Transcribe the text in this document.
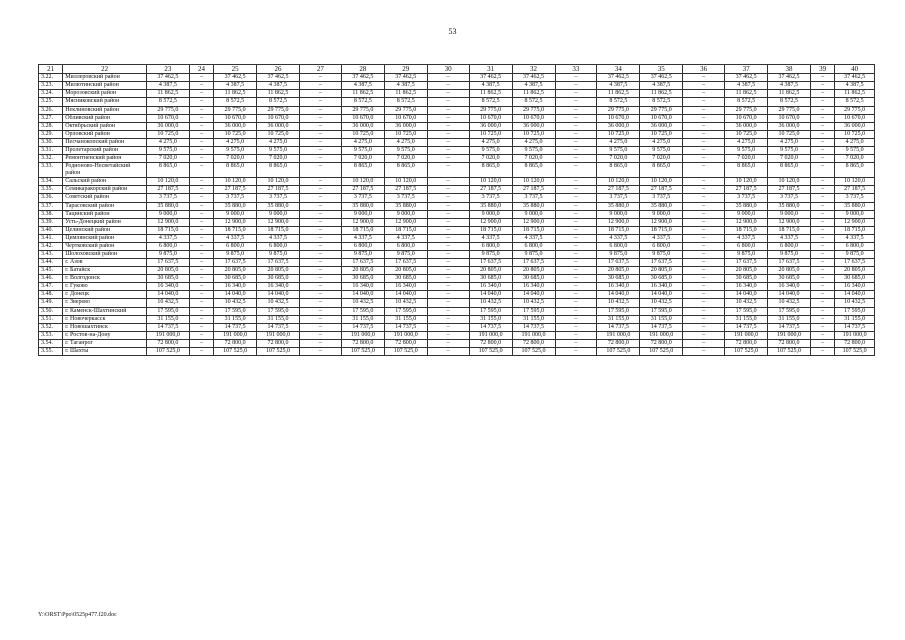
53
21	22	23	24	25	26	27	28	29	30	31	32	33	34	35	36	37	38	39	40
3.22.	Миллеровский район	37 462,5	–	37 462,5	37 462,5	–	37 462,5	37 462,5	–	37 462,5	37 462,5	–	37 462,5	37 462,5	–	37 462,5	37 462,5	–	37 462,5
3.23.	Милютинский район	4 387,5	–	4 387,5	4 387,5	–	4 387,5	4 387,5	–	4 387,5	4 387,5	–	4 387,5	4 387,5	–	4 387,5	4 387,5	–	4 387,5
3.24.	Морозовский район	11 862,5	–	11 862,5	11 862,5	–	11 862,5	11 862,5	–	11 862,5	11 862,5	–	11 862,5	11 862,5	–	11 862,5	11 862,5	–	11 862,5
3.25.	Мясниковский район	8 572,5	–	8 572,5	8 572,5	–	8 572,5	8 572,5	–	8 572,5	8 572,5	–	8 572,5	8 572,5	–	8 572,5	8 572,5	–	8 572,5
3.26.	Неклиновский район	29 775,0	–	29 775,0	29 775,0	–	29 775,0	29 775,0	–	29 775,0	29 775,0	–	29 775,0	29 775,0	–	29 775,0	29 775,0	–	29 775,0
3.27.	Обливский район	10 670,0	–	10 670,0	10 670,0	–	10 670,0	10 670,0	–	10 670,0	10 670,0	–	10 670,0	10 670,0	–	10 670,0	10 670,0	–	10 670,0
3.28.	Октябрьский район	36 000,0	–	36 000,0	36 000,0	–	36 000,0	36 000,0	–	36 000,0	36 000,0	–	36 000,0	36 000,0	–	36 000,0	36 000,0	–	36 000,0
3.29.	Орловский район	10 725,0	–	10 725,0	10 725,0	–	10 725,0	10 725,0	–	10 725,0	10 725,0	–	10 725,0	10 725,0	–	10 725,0	10 725,0	–	10 725,0
3.30.	Песчанокопский район	4 275,0	–	4 275,0	4 275,0	–	4 275,0	4 275,0	–	4 275,0	4 275,0	–	4 275,0	4 275,0	–	4 275,0	4 275,0	–	4 275,0
3.31.	Пролетарский район	9 575,0	–	9 575,0	9 575,0	–	9 575,0	9 575,0	–	9 575,0	9 575,0	–	9 575,0	9 575,0	–	9 575,0	9 575,0	–	9 575,0
3.32.	Ремонтненский район	7 020,0	–	7 020,0	7 020,0	–	7 020,0	7 020,0	–	7 020,0	7 020,0	–	7 020,0	7 020,0	–	7 020,0	7 020,0	–	7 020,0
3.33.	Родионово-Несветайский район	8 865,0	–	8 865,0	8 865,0	–	8 865,0	8 865,0	–	8 865,0	8 865,0	–	8 865,0	8 865,0	–	8 865,0	8 865,0	–	8 865,0
3.34.	Сальский район	10 120,0	–	10 120,0	10 120,0	–	10 120,0	10 120,0	–	10 120,0	10 120,0	–	10 120,0	10 120,0	–	10 120,0	10 120,0	–	10 120,0
3.35.	Семикаракорский район	27 187,5	–	27 187,5	27 187,5	–	27 187,5	27 187,5	–	27 187,5	27 187,5	–	27 187,5	27 187,5	–	27 187,5	27 187,5	–	27 187,5
3.36.	Советский район	3 737,5	–	3 737,5	3 737,5	–	3 737,5	3 737,5	–	3 737,5	3 737,5	–	3 737,5	3 737,5	–	3 737,5	3 737,5	–	3 737,5
3.37.	Тарасовский район	35 880,0	–	35 880,0	35 880,0	–	35 880,0	35 880,0	–	35 880,0	35 880,0	–	35 880,0	35 880,0	–	35 880,0	35 880,0	–	35 880,0
3.38.	Тацинский район	9 000,0	–	9 000,0	9 000,0	–	9 000,0	9 000,0	–	9 000,0	9 000,0	–	9 000,0	9 000,0	–	9 000,0	9 000,0	–	9 000,0
3.39.	Усть-Донецкий район	12 900,0	–	12 900,0	12 900,0	–	12 900,0	12 900,0	–	12 900,0	12 900,0	–	12 900,0	12 900,0	–	12 900,0	12 900,0	–	12 900,0
3.40.	Целинский район	18 715,0	–	18 715,0	18 715,0	–	18 715,0	18 715,0	–	18 715,0	18 715,0	–	18 715,0	18 715,0	–	18 715,0	18 715,0	–	18 715,0
3.41.	Цимлянский район	4 337,5	–	4 337,5	4 337,5	–	4 337,5	4 337,5	–	4 337,5	4 337,5	–	4 337,5	4 337,5	–	4 337,5	4 337,5	–	4 337,5
3.42.	Чертковский район	6 800,0	–	6 800,0	6 800,0	–	6 800,0	6 800,0	–	6 800,0	6 800,0	–	6 800,0	6 800,0	–	6 800,0	6 800,0	–	6 800,0
3.43.	Шолоховский район	9 875,0	–	9 875,0	9 875,0	–	9 875,0	9 875,0	–	9 875,0	9 875,0	–	9 875,0	9 875,0	–	9 875,0	9 875,0	–	9 875,0
3.44.	г. Азов	17 637,5	–	17 637,5	17 637,5	–	17 637,5	17 637,5	–	17 637,5	17 637,5	–	17 637,5	17 637,5	–	17 637,5	17 637,5	–	17 637,5
3.45.	г. Батайск	20 805,0	–	20 805,0	20 805,0	–	20 805,0	20 805,0	–	20 805,0	20 805,0	–	20 805,0	20 805,0	–	20 805,0	20 805,0	–	20 805,0
3.46.	г. Волгодонск	30 685,0	–	30 685,0	30 685,0	–	30 685,0	30 685,0	–	30 685,0	30 685,0	–	30 685,0	30 685,0	–	30 685,0	30 685,0	–	30 685,0
3.47.	г. Гуково	16 340,0	–	16 340,0	16 340,0	–	16 340,0	16 340,0	–	16 340,0	16 340,0	–	16 340,0	16 340,0	–	16 340,0	16 340,0	–	16 340,0
3.48.	г. Донецк	14 040,0	–	14 040,0	14 040,0	–	14 040,0	14 040,0	–	14 040,0	14 040,0	–	14 040,0	14 040,0	–	14 040,0	14 040,0	–	14 040,0
3.49.	г. Зверево	10 432,5	–	10 432,5	10 432,5	–	10 432,5	10 432,5	–	10 432,5	10 432,5	–	10 432,5	10 432,5	–	10 432,5	10 432,5	–	10 432,5
3.50.	г. Каменск-Шахтинский	17 595,0	–	17 595,0	17 595,0	–	17 595,0	17 595,0	–	17 595,0	17 595,0	–	17 595,0	17 595,0	–	17 595,0	17 595,0	–	17 595,0
3.51.	г. Новочеркасск	31 155,0	–	31 155,0	31 155,0	–	31 155,0	31 155,0	–	31 155,0	31 155,0	–	31 155,0	31 155,0	–	31 155,0	31 155,0	–	31 155,0
3.52.	г. Новошахтинск	14 737,5	–	14 737,5	14 737,5	–	14 737,5	14 737,5	–	14 737,5	14 737,5	–	14 737,5	14 737,5	–	14 737,5	14 737,5	–	14 737,5
3.53.	г. Ростов-на-Дону	191 000,0	–	191 000,0	191 000,0	–	191 000,0	191 000,0	–	191 000,0	191 000,0	–	191 000,0	191 000,0	–	191 000,0	191 000,0	–	191 000,0
3.54.	г. Таганрог	72 800,0	–	72 800,0	72 800,0	–	72 800,0	72 800,0	–	72 800,0	72 800,0	–	72 800,0	72 800,0	–	72 800,0	72 800,0	–	72 800,0
3.55.	г. Шахты	107 525,0	–	107 525,0	107 525,0	–	107 525,0	107 525,0	–	107 525,0	107 525,0	–	107 525,0	107 525,0	–	107 525,0	107 525,0	–	107 525,0
Y:\ORST\Ppo\0525p477.f20.doc
